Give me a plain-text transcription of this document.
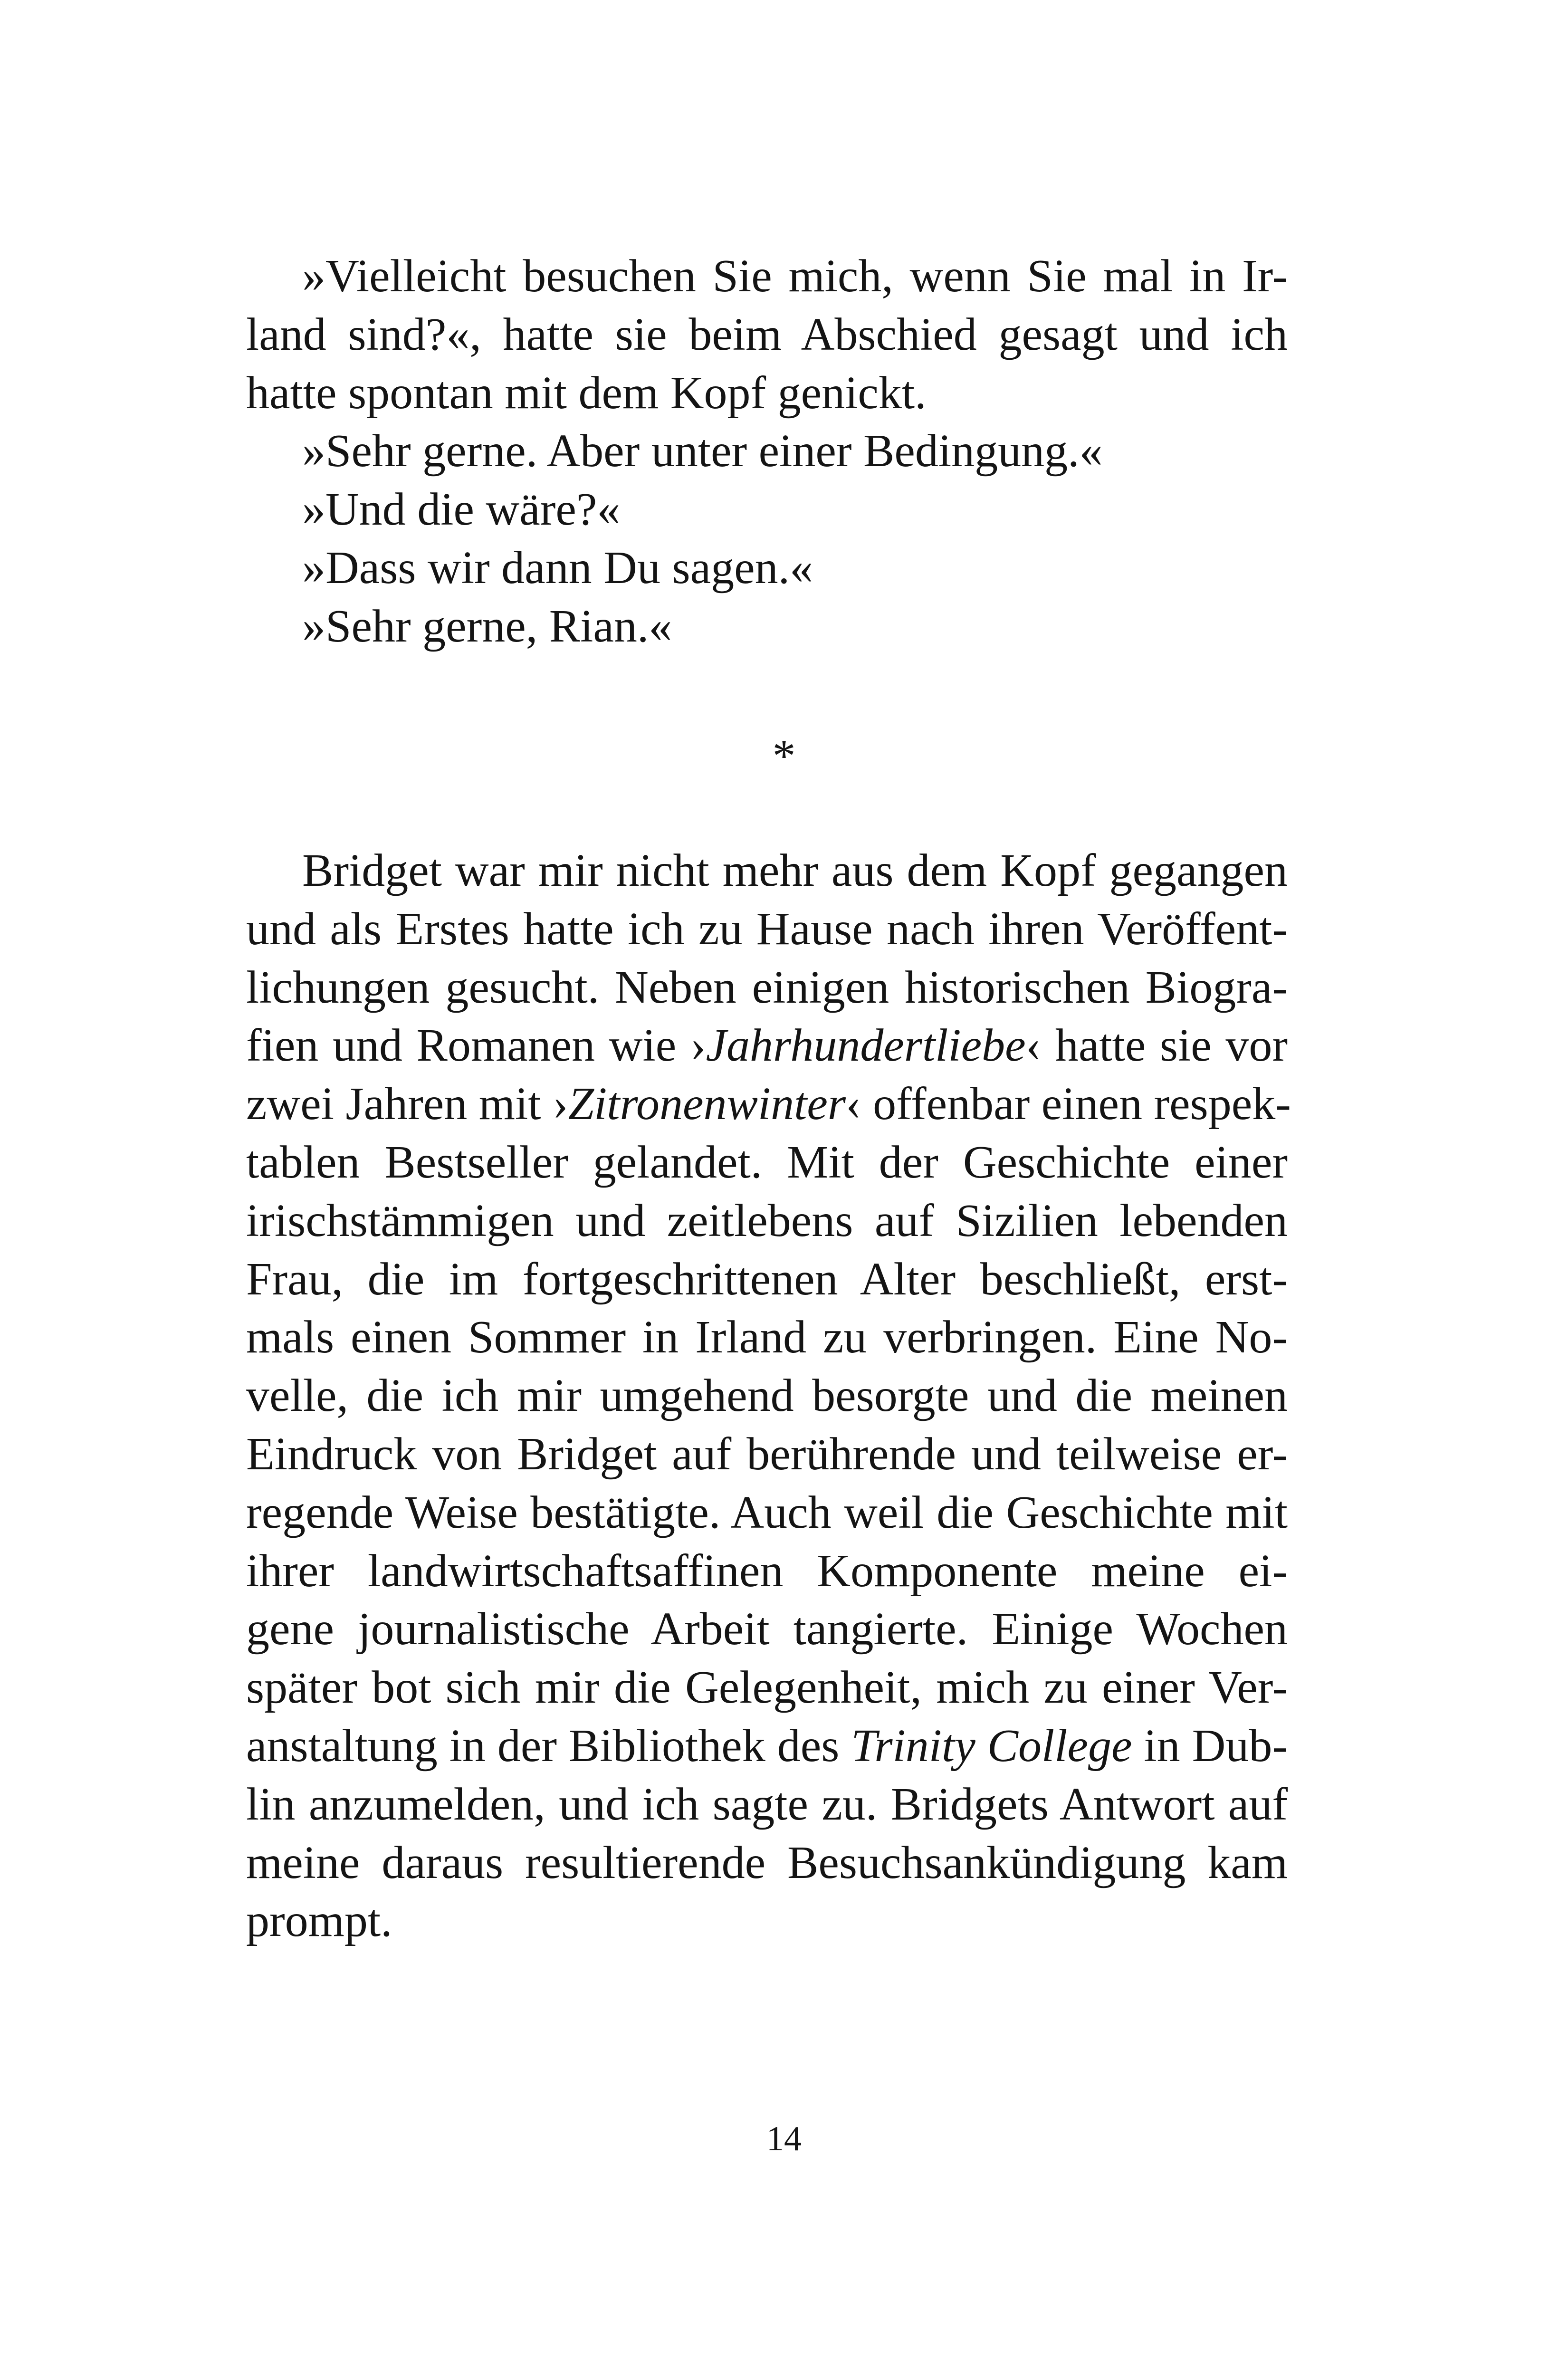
»Vielleicht besuchen Sie mich, wenn Sie mal in Ir-
land sind?«, hatte sie beim Abschied gesagt und ich
hatte spontan mit dem Kopf genickt.
»Sehr gerne. Aber unter einer Bedingung.«
»Und die wäre?«
»Dass wir dann Du sagen.«
»Sehr gerne, Rian.«
*
Bridget war mir nicht mehr aus dem Kopf gegangen
und als Erstes hatte ich zu Hause nach ihren Veröffent-
lichungen gesucht. Neben einigen historischen Biogra-
fien und Romanen wie ›Jahrhundertliebe‹ hatte sie vor
zwei Jahren mit ›Zitronenwinter‹ offenbar einen respek-
tablen Bestseller gelandet. Mit der Geschichte einer
irischstämmigen und zeitlebens auf Sizilien lebenden
Frau, die im fortgeschrittenen Alter beschließt, erst-
mals einen Sommer in Irland zu verbringen. Eine No-
velle, die ich mir umgehend besorgte und die meinen
Eindruck von Bridget auf berührende und teilweise er-
regende Weise bestätigte. Auch weil die Geschichte mit
ihrer landwirtschaftsaffinen Komponente meine ei-
gene journalistische Arbeit tangierte. Einige Wochen
später bot sich mir die Gelegenheit, mich zu einer Ver-
anstaltung in der Bibliothek des Trinity College in Dub-
lin anzumelden, und ich sagte zu. Bridgets Antwort auf
meine daraus resultierende Besuchsankündigung kam
prompt.
14
